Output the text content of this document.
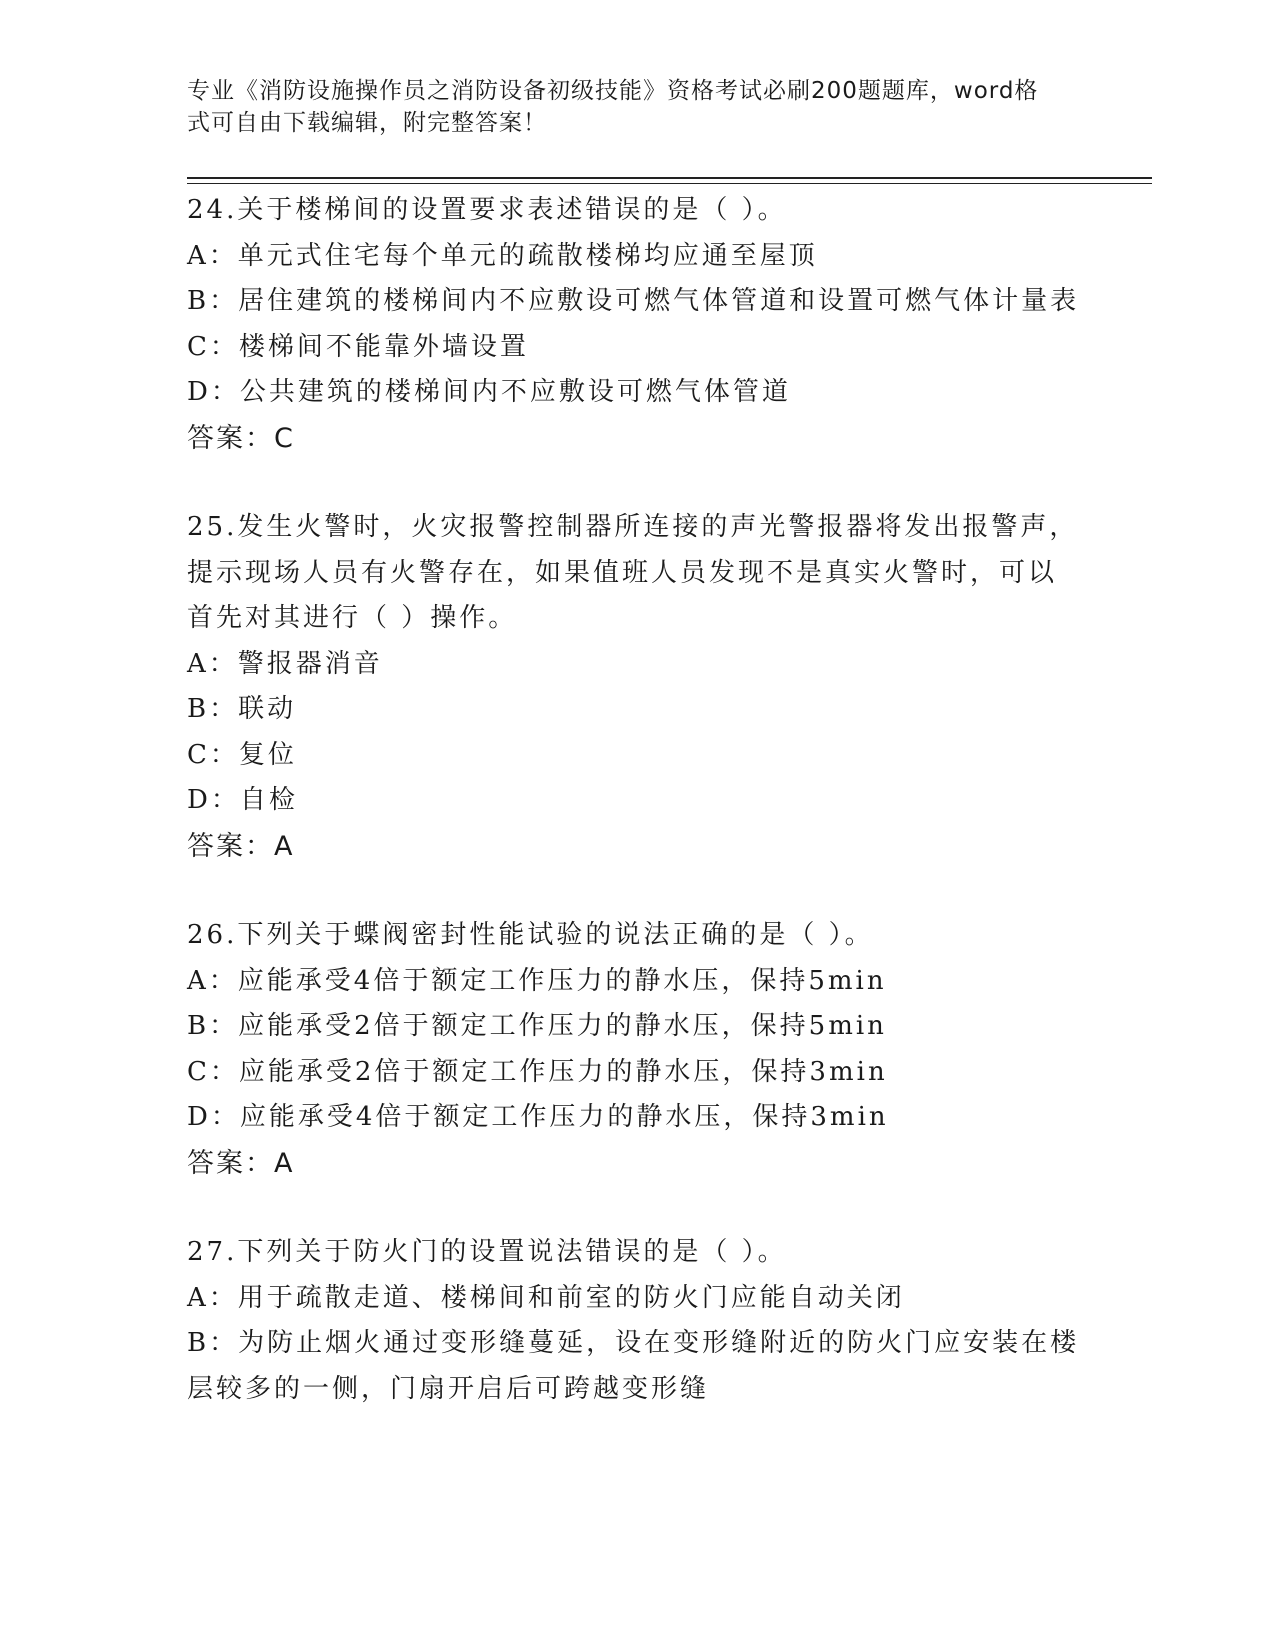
专业《消防设施操作员之消防设备初级技能》资格考试必刷200题题库，word格
式可自由下载编辑，附完整答案！
24.关于楼梯间的设置要求表述错误的是（ ）。
A：单元式住宅每个单元的疏散楼梯均应通至屋顶
B：居住建筑的楼梯间内不应敷设可燃气体管道和设置可燃气体计量表
C：楼梯间不能靠外墙设置
D：公共建筑的楼梯间内不应敷设可燃气体管道
答案：C
25.发生火警时，火灾报警控制器所连接的声光警报器将发出报警声，
提示现场人员有火警存在，如果值班人员发现不是真实火警时，可以
首先对其进行（ ）操作。
A：警报器消音
B：联动
C：复位
D：自检
答案：A
26.下列关于蝶阀密封性能试验的说法正确的是（ ）。
A：应能承受4倍于额定工作压力的静水压，保持5min
B：应能承受2倍于额定工作压力的静水压，保持5min
C：应能承受2倍于额定工作压力的静水压，保持3min
D：应能承受4倍于额定工作压力的静水压，保持3min
答案：A
27.下列关于防火门的设置说法错误的是（ ）。
A：用于疏散走道、楼梯间和前室的防火门应能自动关闭
B：为防止烟火通过变形缝蔓延，设在变形缝附近的防火门应安装在楼
层较多的一侧，门扇开启后可跨越变形缝
